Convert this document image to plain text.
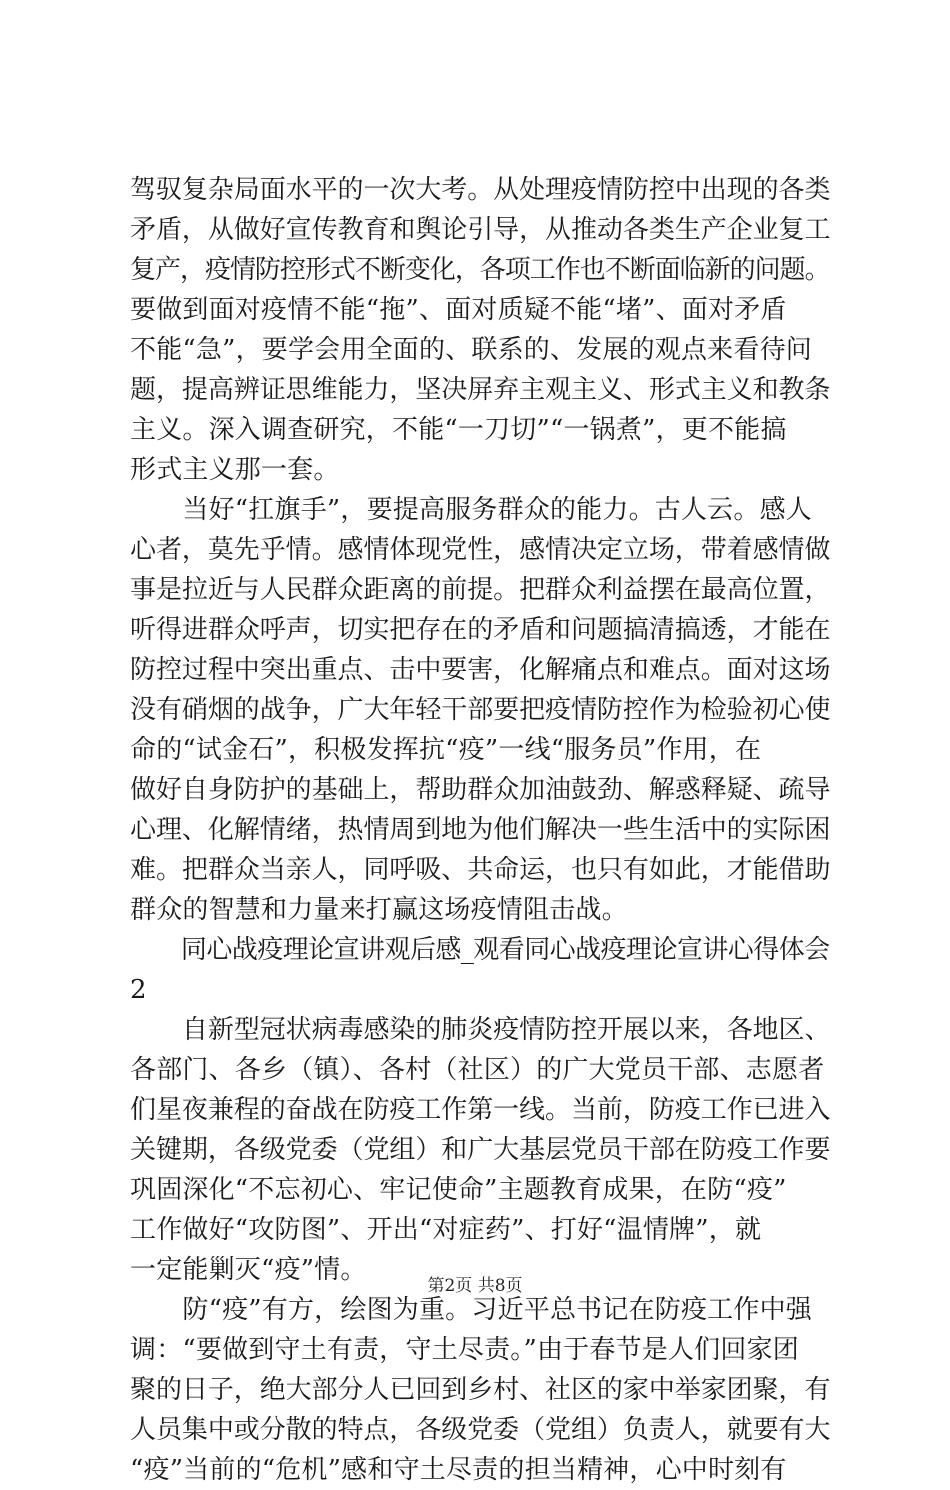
驾驭复杂局面水平的一次大考。从处理疫情防控中出现的各类
矛盾，从做好宣传教育和舆论引导，从推动各类生产企业复工
复产，疫情防控形式不断变化，各项工作也不断面临新的问题。
要做到面对疫情不能“拖”、面对质疑不能“堵”、面对矛盾
不能“急”，要学会用全面的、联系的、发展的观点来看待问
题，提高辨证思维能力，坚决屏弃主观主义、形式主义和教条
主义。深入调查研究，不能“一刀切”“一锅煮”，更不能搞
形式主义那一套。
　　当好“扛旗手”，要提高服务群众的能力。古人云。感人
心者，莫先乎情。感情体现党性，感情决定立场，带着感情做
事是拉近与人民群众距离的前提。把群众利益摆在最高位置，
听得进群众呼声，切实把存在的矛盾和问题搞清搞透，才能在
防控过程中突出重点、击中要害，化解痛点和难点。面对这场
没有硝烟的战争，广大年轻干部要把疫情防控作为检验初心使
命的“试金石”，积极发挥抗“疫”一线“服务员”作用，在
做好自身防护的基础上，帮助群众加油鼓劲、解惑释疑、疏导
心理、化解情绪，热情周到地为他们解决一些生活中的实际困
难。把群众当亲人，同呼吸、共命运，也只有如此，才能借助
群众的智慧和力量来打赢这场疫情阻击战。
　　同心战疫理论宣讲观后感_观看同心战疫理论宣讲心得体会
2
　　自新型冠状病毒感染的肺炎疫情防控开展以来，各地区、
各部门、各乡（镇）、各村（社区）的广大党员干部、志愿者
们星夜兼程的奋战在防疫工作第一线。当前，防疫工作已进入
关键期，各级党委（党组）和广大基层党员干部在防疫工作要
巩固深化“不忘初心、牢记使命”主题教育成果，在防“疫”
工作做好“攻防图”、开出“对症药”、打好“温情牌”，就
一定能剿灭“疫”情。
　　防“疫”有方，绘图为重。习近平总书记在防疫工作中强
调：“要做到守土有责，守土尽责。”由于春节是人们回家团
聚的日子，绝大部分人已回到乡村、社区的家中举家团聚，有
人员集中或分散的特点，各级党委（党组）负责人，就要有大
“疫”当前的“危机”感和守土尽责的担当精神，心中时刻有
第2页 共8页
